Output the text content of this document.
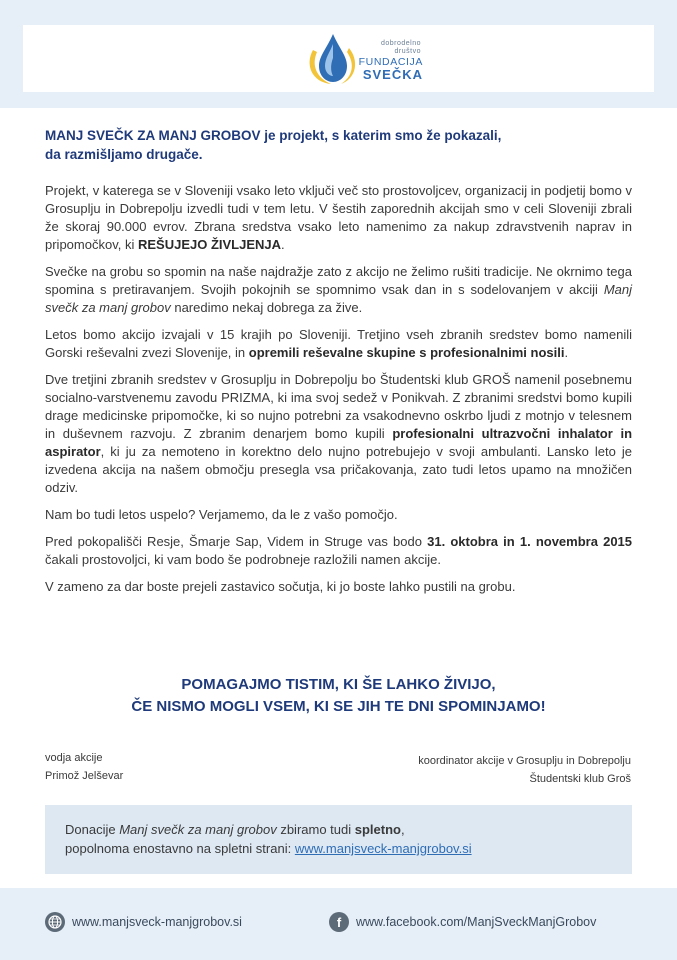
dobrodelno
društvo
FUNDACIJA
SVEČKA

MANJ SVEČK ZA MANJ GROBOV je projekt, s katerim smo že pokazali,
da razmišljamo drugače.

Projekt, v katerega se v Sloveniji vsako leto vključi več sto prostovoljcev, organizacij in podjetij bomo v Grosuplju in Dobrepolju izvedli tudi v tem letu. V šestih zaporednih akcijah smo v celi Sloveniji zbrali že skoraj 90.000 evrov. Zbrana sredstva vsako leto namenimo za nakup zdravstvenih naprav in pripomočkov, ki REŠUJEJO ŽIVLJENJA.

Svečke na grobu so spomin na naše najdražje zato z akcijo ne želimo rušiti tradicije. Ne okrnimo tega spomina s pretiravanjem. Svojih pokojnih se spomnimo vsak dan in s sodelovanjem v akciji Manj svečk za manj grobov naredimo nekaj dobrega za žive.

Letos bomo akcijo izvajali v 15 krajih po Sloveniji. Tretjino vseh zbranih sredstev bomo namenili Gorski reševalni zvezi Slovenije, in opremili reševalne skupine s profesionalnimi nosili.

Dve tretjini zbranih sredstev v Grosuplju in Dobrepolju bo Študentski klub GROŠ namenil posebnemu socialno-varstvenemu zavodu PRIZMA, ki ima svoj sedež v Ponikvah. Z zbranimi sredstvi bomo kupili drage medicinske pripomočke, ki so nujno potrebni za vsakodnevno oskrbo ljudi z motnjo v telesnem in duševnem razvoju. Z zbranim denarjem bomo kupili profesionalni ultrazvočni inhalator in aspirator, ki ju za nemoteno in korektno delo nujno potrebujejo v svoji ambulanti. Lansko leto je izvedena akcija na našem območju presegla vsa pričakovanja, zato tudi letos upamo na množičen odziv.

Nam bo tudi letos uspelo? Verjamemo, da le z vašo pomočjo.

Pred pokopališči Resje, Šmarje Sap, Videm in Struge vas bodo 31. oktobra in 1. novembra 2015 čakali prostovoljci, ki vam bodo še podrobneje razložili namen akcije.

V zameno za dar boste prejeli zastavico sočutja, ki jo boste lahko pustili na grobu.

POMAGAJMO TISTIM, KI ŠE LAHKO ŽIVIJO,
ČE NISMO MOGLI VSEM, KI SE JIH TE DNI SPOMINJAMO!
vodja akcije
Primož Jelševar
koordinator akcije v Grosuplju in Dobrepolju
Študentski klub Groš
Donacije Manj svečk za manj grobov zbiramo tudi spletno,
popolnoma enostavno na spletni strani: www.manjsveck-manjgrobov.si
www.manjsveck-manjgrobov.si	f	www.facebook.com/ManjSveckManjGrobov
